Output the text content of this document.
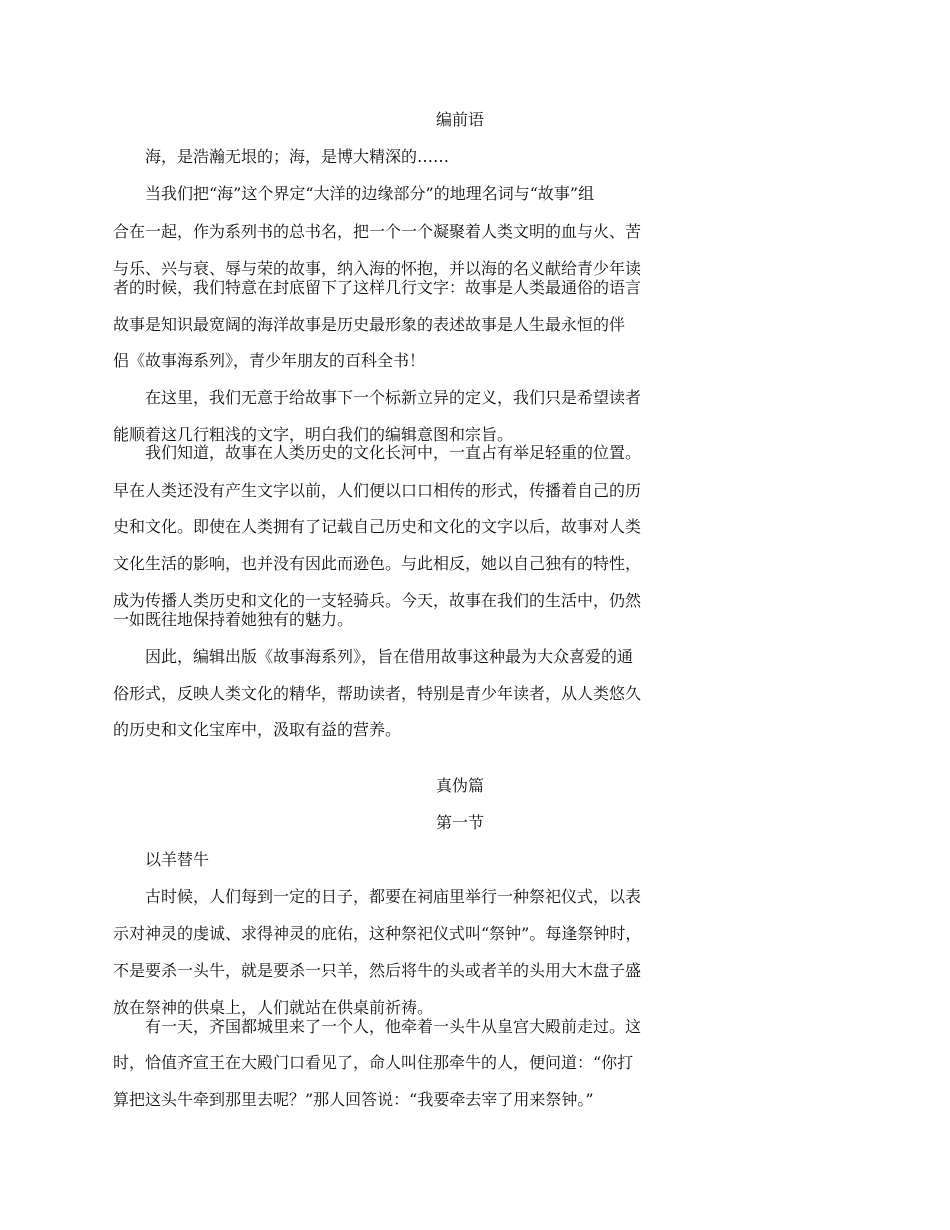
编前语
海，是浩瀚无垠的；海，是博大精深的……
当我们把“海”这个界定“大洋的边缘部分”的地理名词与“故事”组
合在一起，作为系列书的总书名，把一个一个凝聚着人类文明的血与火、苦
与乐、兴与衰、辱与荣的故事，纳入海的怀抱，并以海的名义献给青少年读
者的时候，我们特意在封底留下了这样几行文字：故事是人类最通俗的语言
故事是知识最宽阔的海洋故事是历史最形象的表述故事是人生最永恒的伴
侣《故事海系列》，青少年朋友的百科全书！
在这里，我们无意于给故事下一个标新立异的定义，我们只是希望读者
能顺着这几行粗浅的文字，明白我们的编辑意图和宗旨。
我们知道，故事在人类历史的文化长河中，一直占有举足轻重的位置。
早在人类还没有产生文字以前，人们便以口口相传的形式，传播着自己的历
史和文化。即使在人类拥有了记载自己历史和文化的文字以后，故事对人类
文化生活的影响，也并没有因此而逊色。与此相反，她以自己独有的特性，
成为传播人类历史和文化的一支轻骑兵。今天，故事在我们的生活中，仍然
一如既往地保持着她独有的魅力。
因此，编辑出版《故事海系列》，旨在借用故事这种最为大众喜爱的通
俗形式，反映人类文化的精华，帮助读者，特别是青少年读者，从人类悠久
的历史和文化宝库中，汲取有益的营养。
真伪篇
第一节
以羊替牛
古时候，人们每到一定的日子，都要在祠庙里举行一种祭祀仪式，以表
示对神灵的虔诚、求得神灵的庇佑，这种祭祀仪式叫“祭钟”。每逢祭钟时，
不是要杀一头牛，就是要杀一只羊，然后将牛的头或者羊的头用大木盘子盛
放在祭神的供桌上，人们就站在供桌前祈祷。
有一天，齐国都城里来了一个人，他牵着一头牛从皇宫大殿前走过。这
时，恰值齐宣王在大殿门口看见了，命人叫住那牵牛的人，便问道：“你打
算把这头牛牵到那里去呢？”那人回答说：“我要牵去宰了用来祭钟。”
